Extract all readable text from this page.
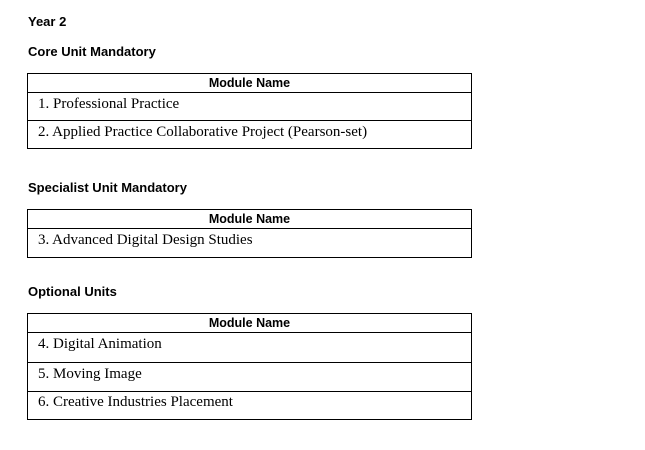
Year 2
Core Unit Mandatory
Module Name
1. Professional Practice
2. Applied Practice Collaborative Project (Pearson-set)
Specialist Unit Mandatory
Module Name
3. Advanced Digital Design Studies
Optional Units
Module Name
4. Digital Animation
5. Moving Image
6. Creative Industries Placement
